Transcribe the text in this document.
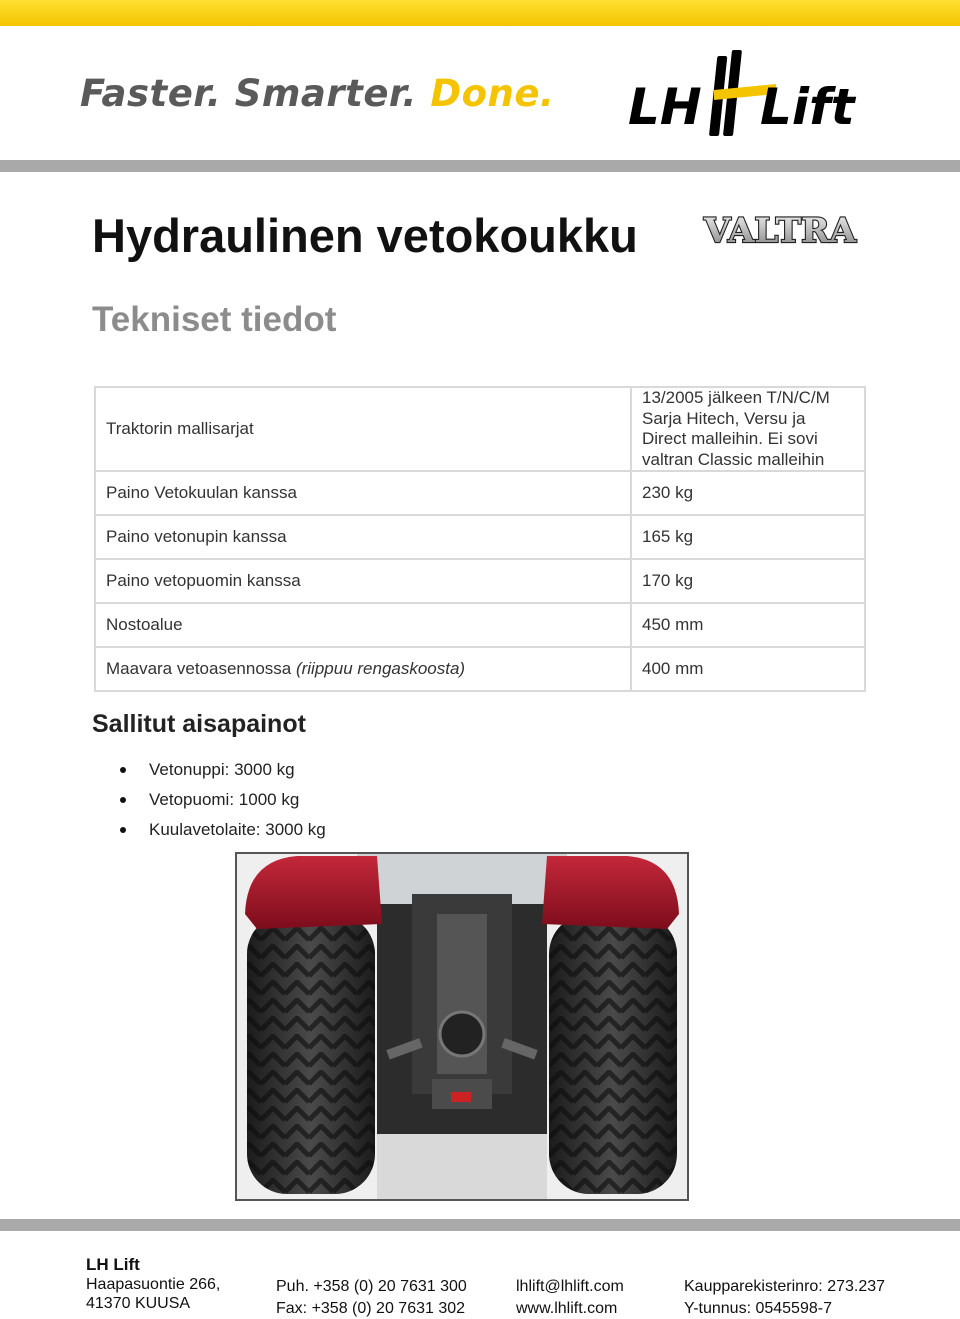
Faster. Smarter. Done. LH Lift
Hydraulinen vetokoukku VALTRA
Tekniset tiedot
Traktorin mallisarjat	13/2005 jälkeen T/N/C/M
Sarja Hitech, Versu ja
Direct malleihin. Ei sovi
valtran Classic malleihin

Paino Vetokuulan kanssa	230 kg
Paino vetonupin kanssa	165 kg
Paino vetopuomin kanssa	170 kg
Nostoalue	450 mm
Maavara vetoasennossa (riippuu rengaskoosta)	400 mm
Sallitut aisapainot
Vetonuppi: 3000 kg
Vetopuomi: 1000 kg
Kuulavetolaite: 3000 kg
LH Lift
Haapasuontie 266,
41370 KUUSA
Puh. +358 (0) 20 7631 300
Fax: +358 (0) 20 7631 302
lhlift@lhlift.com
www.lhlift.com
Kaupparekisterinro: 273.237
Y-tunnus: 0545598-7
